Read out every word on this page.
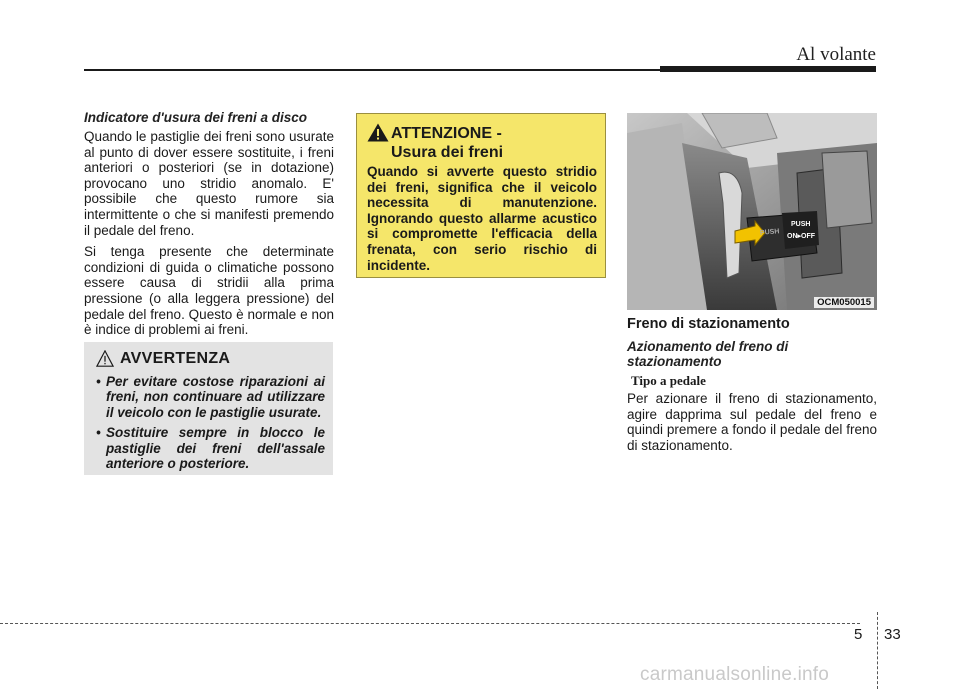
Al volante

Indicatore d'usura dei freni a disco

Quando le pastiglie dei freni sono usurate al punto di dover essere sostituite, i freni anteriori o posteriori (se in dotazione) provocano uno stridio anomalo. E' possibile che questo rumore sia intermittente o che si manifesti premendo il pedale del freno.

Si tenga presente che determinate condizioni di guida o climatiche possono essere causa di stridii alla prima pressione (o alla leggera pressione) del pedale del freno. Questo è normale e non è indice di problemi ai freni.

AVVERTENZA
• Per evitare costose riparazioni ai freni, non continuare ad utilizzare il veicolo con le pastiglie usurate.
• Sostituire sempre in blocco le pastiglie dei freni dell'assale anteriore o posteriore.
ATTENZIONE -
Usura dei freni
Quando si avverte questo stridio dei freni, significa che il veicolo necessita di manutenzione. Ignorando questo allarme acustico si compromette l'efficacia della frenata, con serio rischio di incidente.
PUSH
PUSH
ON▸OFF
OCM050015

Freno di stazionamento

Azionamento del freno di stazionamento

Tipo a pedale

Per azionare il freno di stazionamento, agire dapprima sul pedale del freno e quindi premere a fondo il pedale del freno di stazionamento.

5 33
carmanualsonline.info
